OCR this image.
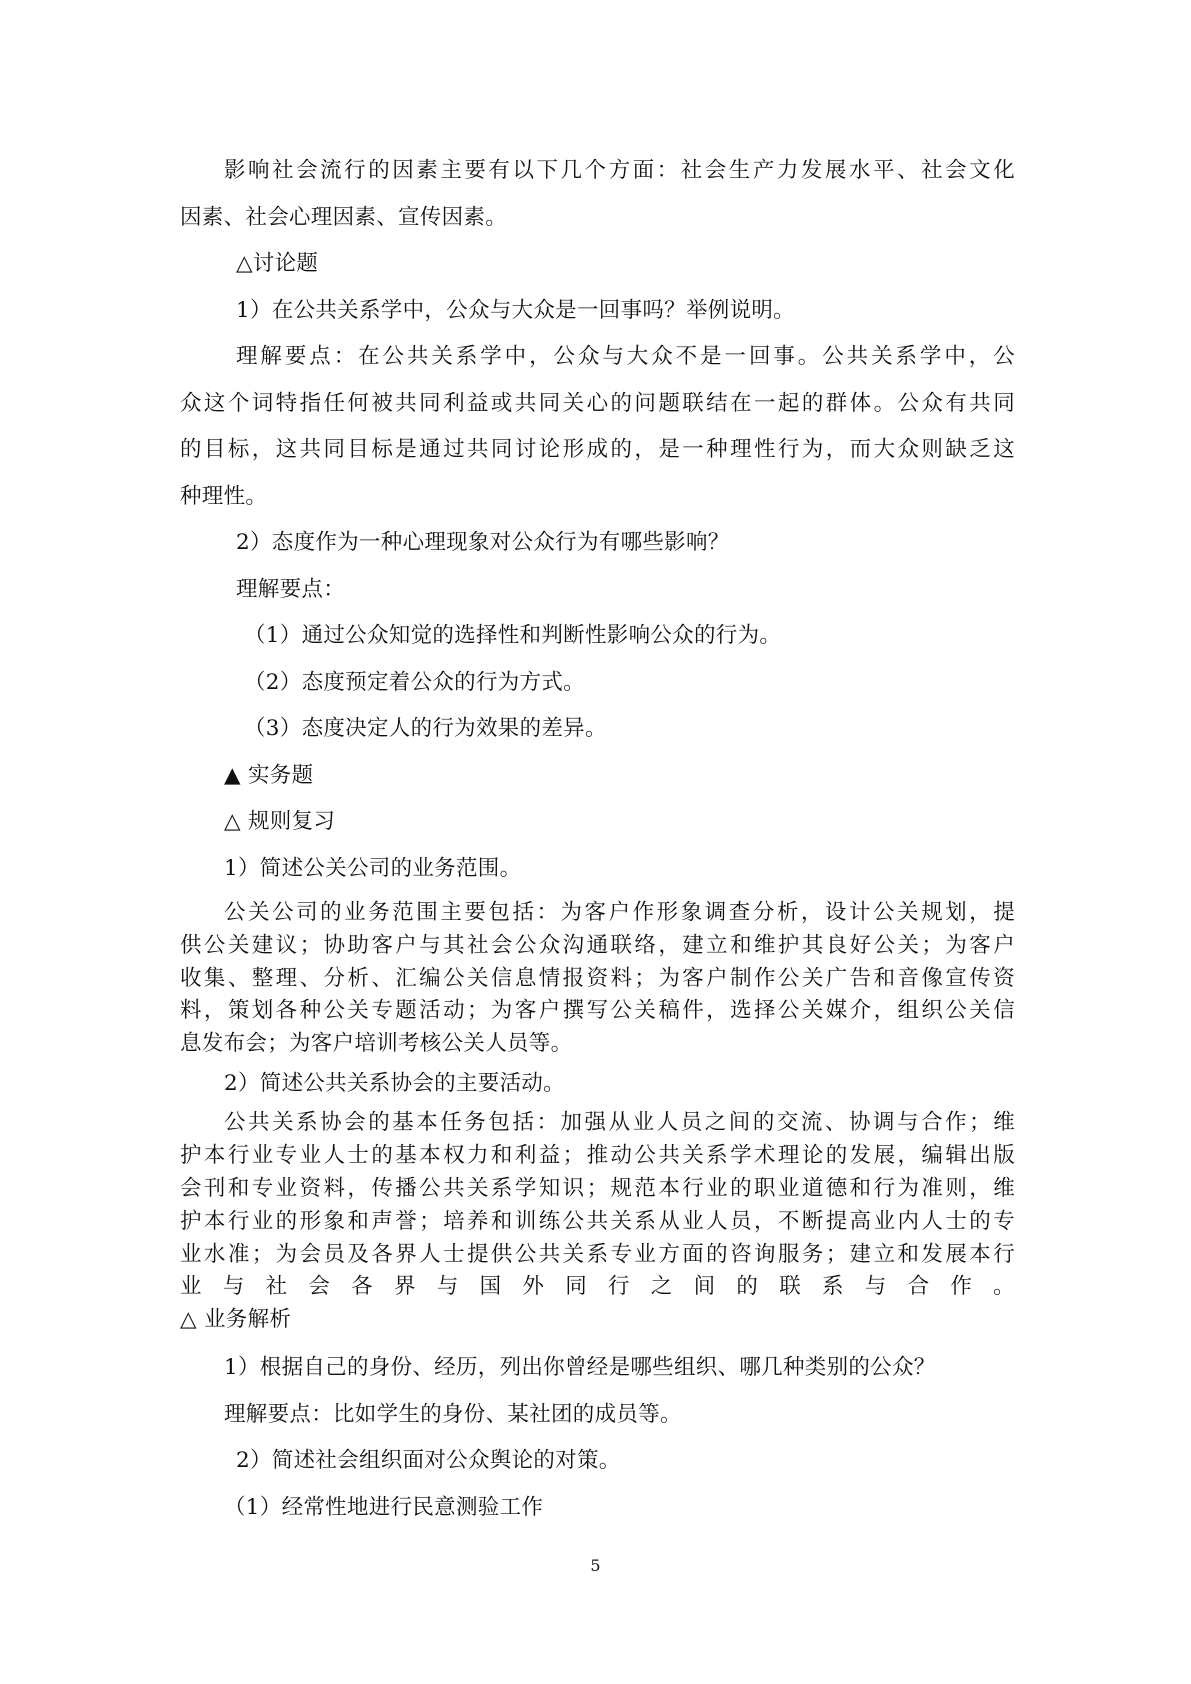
影响社会流行的因素主要有以下几个方面：社会生产力发展水平、社会文化
因素、社会心理因素、宣传因素。
△讨论题
1）在公共关系学中，公众与大众是一回事吗？举例说明。
理解要点：在公共关系学中，公众与大众不是一回事。公共关系学中，公
众这个词特指任何被共同利益或共同关心的问题联结在一起的群体。公众有共同
的目标，这共同目标是通过共同讨论形成的，是一种理性行为，而大众则缺乏这
种理性。
2）态度作为一种心理现象对公众行为有哪些影响？
理解要点：
（1）通过公众知觉的选择性和判断性影响公众的行为。
（2）态度预定着公众的行为方式。
（3）态度决定人的行为效果的差异。
▲ 实务题
△ 规则复习
1）简述公关公司的业务范围。
公关公司的业务范围主要包括：为客户作形象调查分析，设计公关规划，提
供公关建议；协助客户与其社会公众沟通联络，建立和维护其良好公关；为客户
收集、整理、分析、汇编公关信息情报资料；为客户制作公关广告和音像宣传资
料，策划各种公关专题活动；为客户撰写公关稿件，选择公关媒介，组织公关信
息发布会；为客户培训考核公关人员等。
2）简述公共关系协会的主要活动。
公共关系协会的基本任务包括：加强从业人员之间的交流、协调与合作；维
护本行业专业人士的基本权力和利益；推动公共关系学术理论的发展，编辑出版
会刊和专业资料，传播公共关系学知识；规范本行业的职业道德和行为准则，维
护本行业的形象和声誉；培养和训练公共关系从业人员，不断提高业内人士的专
业水准；为会员及各界人士提供公共关系专业方面的咨询服务；建立和发展本行
业与社会各界与国外同行之间的联系与合作。
△ 业务解析
1）根据自己的身份、经历，列出你曾经是哪些组织、哪几种类别的公众？
理解要点：比如学生的身份、某社团的成员等。
2）简述社会组织面对公众舆论的对策。
（1）经常性地进行民意测验工作
5
